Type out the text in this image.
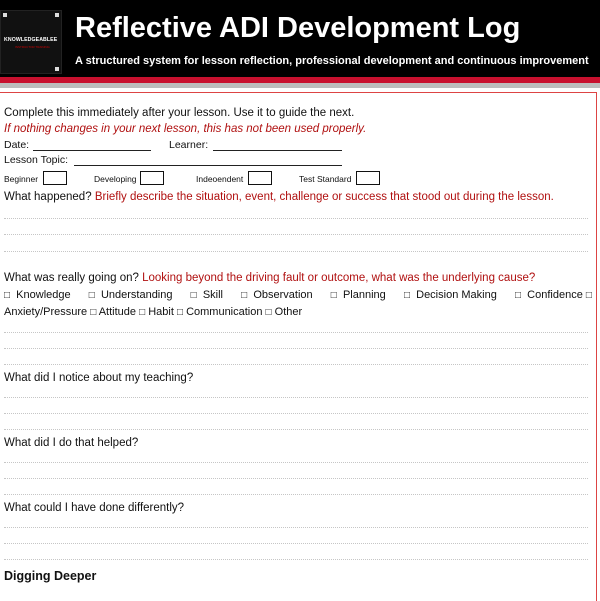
KNOWLEDGEABLEE
INSTRUCTOR TRAINING
Reflective ADI Development Log
A structured system for lesson reflection, professional development and continuous improvement
Complete this immediately after your lesson. Use it to guide the next.
If nothing changes in your next lesson, this has not been used properly.
Date:	Learner:
Lesson Topic:
Beginner	Developing	Indeoendent	Test Standard
What happened? Briefly describe the situation, event, challenge or success that stood out during the lesson.
What was really going on? Looking beyond the driving fault or outcome, what was the underlying cause?
□ Knowledge □ Understanding □ Skill □ Observation □ Planning □ Decision Making □ Confidence □
Anxiety/Pressure □ Attitude □ Habit □ Communication □ Other
What did I notice about my teaching?
What did I do that helped?
What could I have done differently?
Digging Deeper
